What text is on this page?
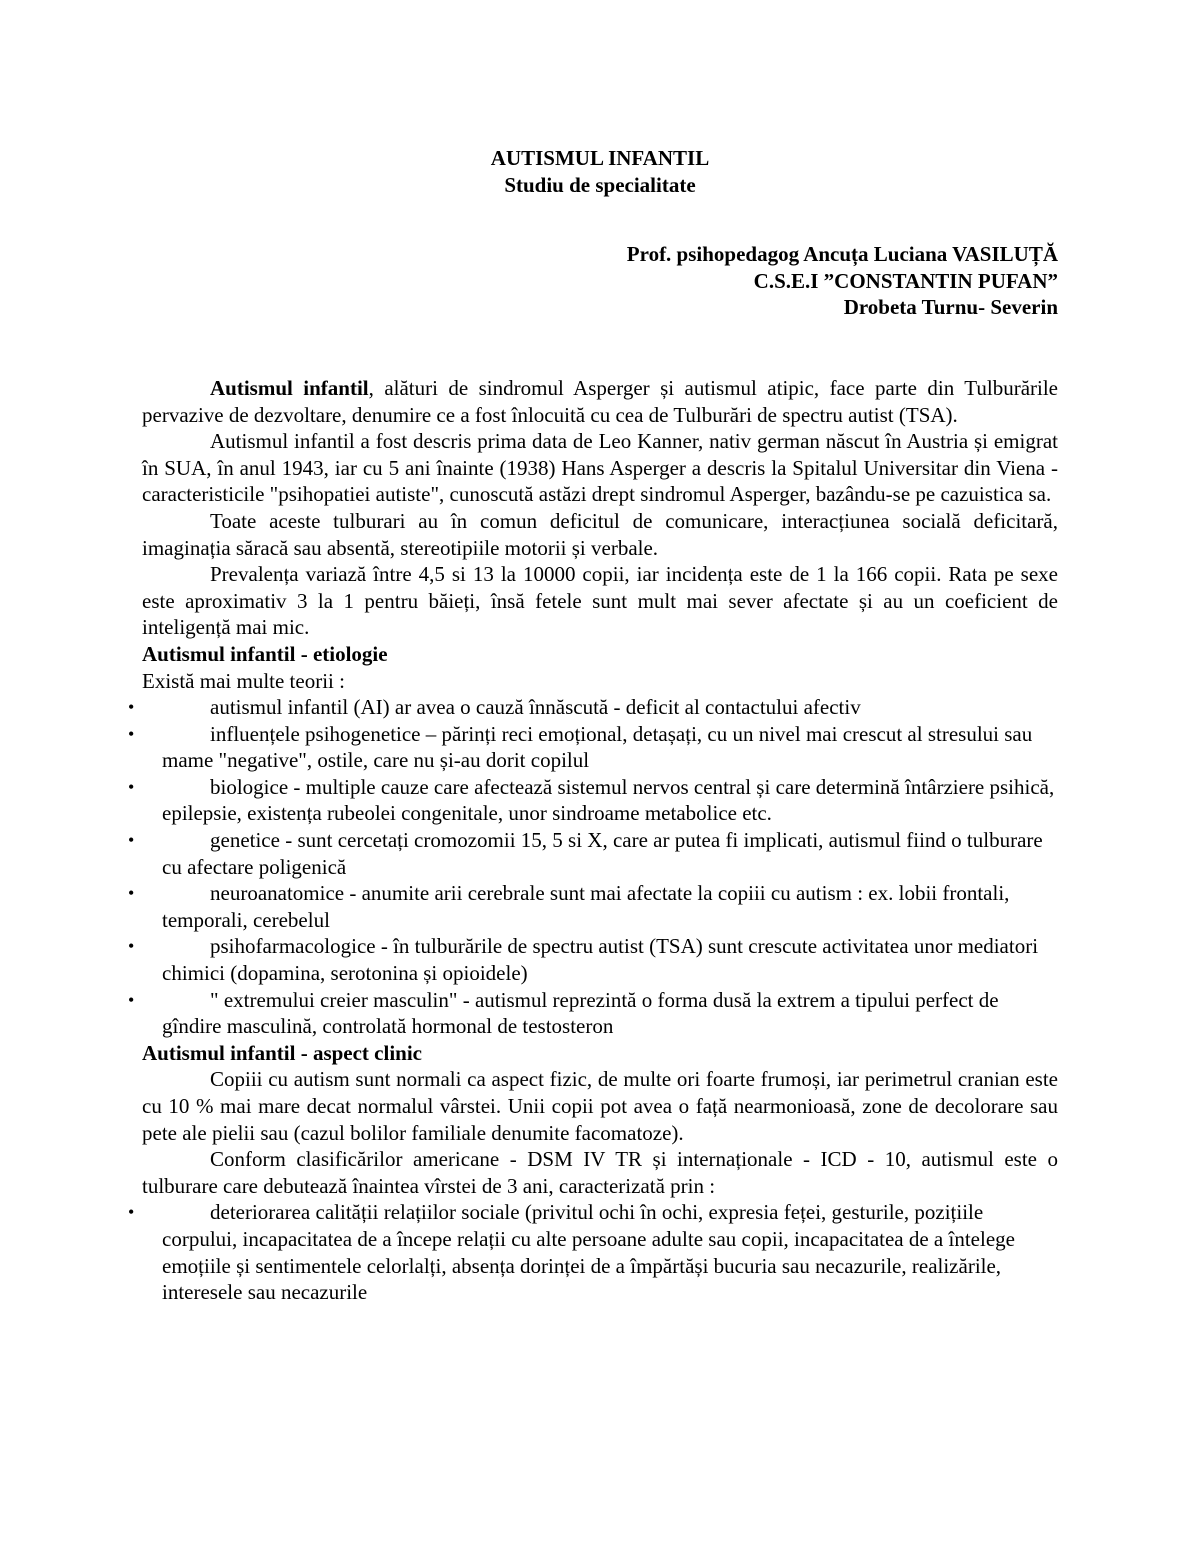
AUTISMUL INFANTIL
Studiu de specialitate
Prof. psihopedagog Ancuța Luciana VASILUȚĂ
C.S.E.I ”CONSTANTIN PUFAN”
Drobeta Turnu- Severin

Autismul infantil, alături de sindromul Asperger și autismul atipic, face parte din Tulburările pervazive de dezvoltare, denumire ce a fost înlocuită cu cea de Tulburări de spectru autist (TSA).

Autismul infantil a fost descris prima data de Leo Kanner, nativ german născut în Austria și emigrat în SUA, în anul 1943, iar cu 5 ani înainte (1938) Hans Asperger a descris la Spitalul Universitar din Viena - caracteristicile "psihopatiei autiste", cunoscută astăzi drept sindromul Asperger, bazându-se pe cazuistica sa.

Toate aceste tulburari au în comun deficitul de comunicare, interacțiunea socială deficitară, imaginația săracă sau absentă, stereotipiile motorii și verbale.

Prevalența variază între 4,5 si 13 la 10000 copii, iar incidența este de 1 la 166 copii. Rata pe sexe este aproximativ 3 la 1 pentru băieți, însă fetele sunt mult mai sever afectate și au un coeficient de inteligență mai mic.

Autismul infantil - etiologie

Există mai multe teorii :

•	autismul infantil (AI) ar avea o cauză înnăscută - deficit al contactului afectiv
•	influențele psihogenetice – părinți reci emoțional, detașați, cu un nivel mai crescut al stresului sau mame "negative", ostile, care nu și-au dorit copilul
•	biologice - multiple cauze care afectează sistemul nervos central și care determină întârziere psihică, epilepsie, existența rubeolei congenitale, unor sindroame metabolice etc.
•	genetice - sunt cercetați cromozomii 15, 5 si X, care ar putea fi implicati, autismul fiind o tulburare cu afectare poligenică
•	neuroanatomice - anumite arii cerebrale sunt mai afectate la copiii cu autism : ex. lobii frontali, temporali, cerebelul
•	psihofarmacologice - în tulburările de spectru autist (TSA) sunt crescute activitatea unor mediatori chimici (dopamina, serotonina și opioidele)
•	" extremului creier masculin" - autismul reprezintă o forma dusă la extrem a tipului perfect de gîndire masculină, controlată hormonal de testosteron
Autismul infantil - aspect clinic

Copiii cu autism sunt normali ca aspect fizic, de multe ori foarte frumoși, iar perimetrul cranian este cu 10 % mai mare decat normalul vârstei. Unii copii pot avea o față nearmonioasă, zone de decolorare sau pete ale pielii sau (cazul bolilor familiale denumite facomatoze).

Conform clasificărilor americane - DSM IV TR și internaționale - ICD - 10, autismul este o tulburare care debutează înaintea vîrstei de 3 ani, caracterizată prin :

•	deteriorarea calității relațiilor sociale (privitul ochi în ochi, expresia feței, gesturile, pozițiile corpului, incapacitatea de a începe relații cu alte persoane adulte sau copii, incapacitatea de a întelege emoțiile și sentimentele celorlalți, absența dorinței de a împărtăși bucuria sau necazurile, realizările, interesele sau necazurile
